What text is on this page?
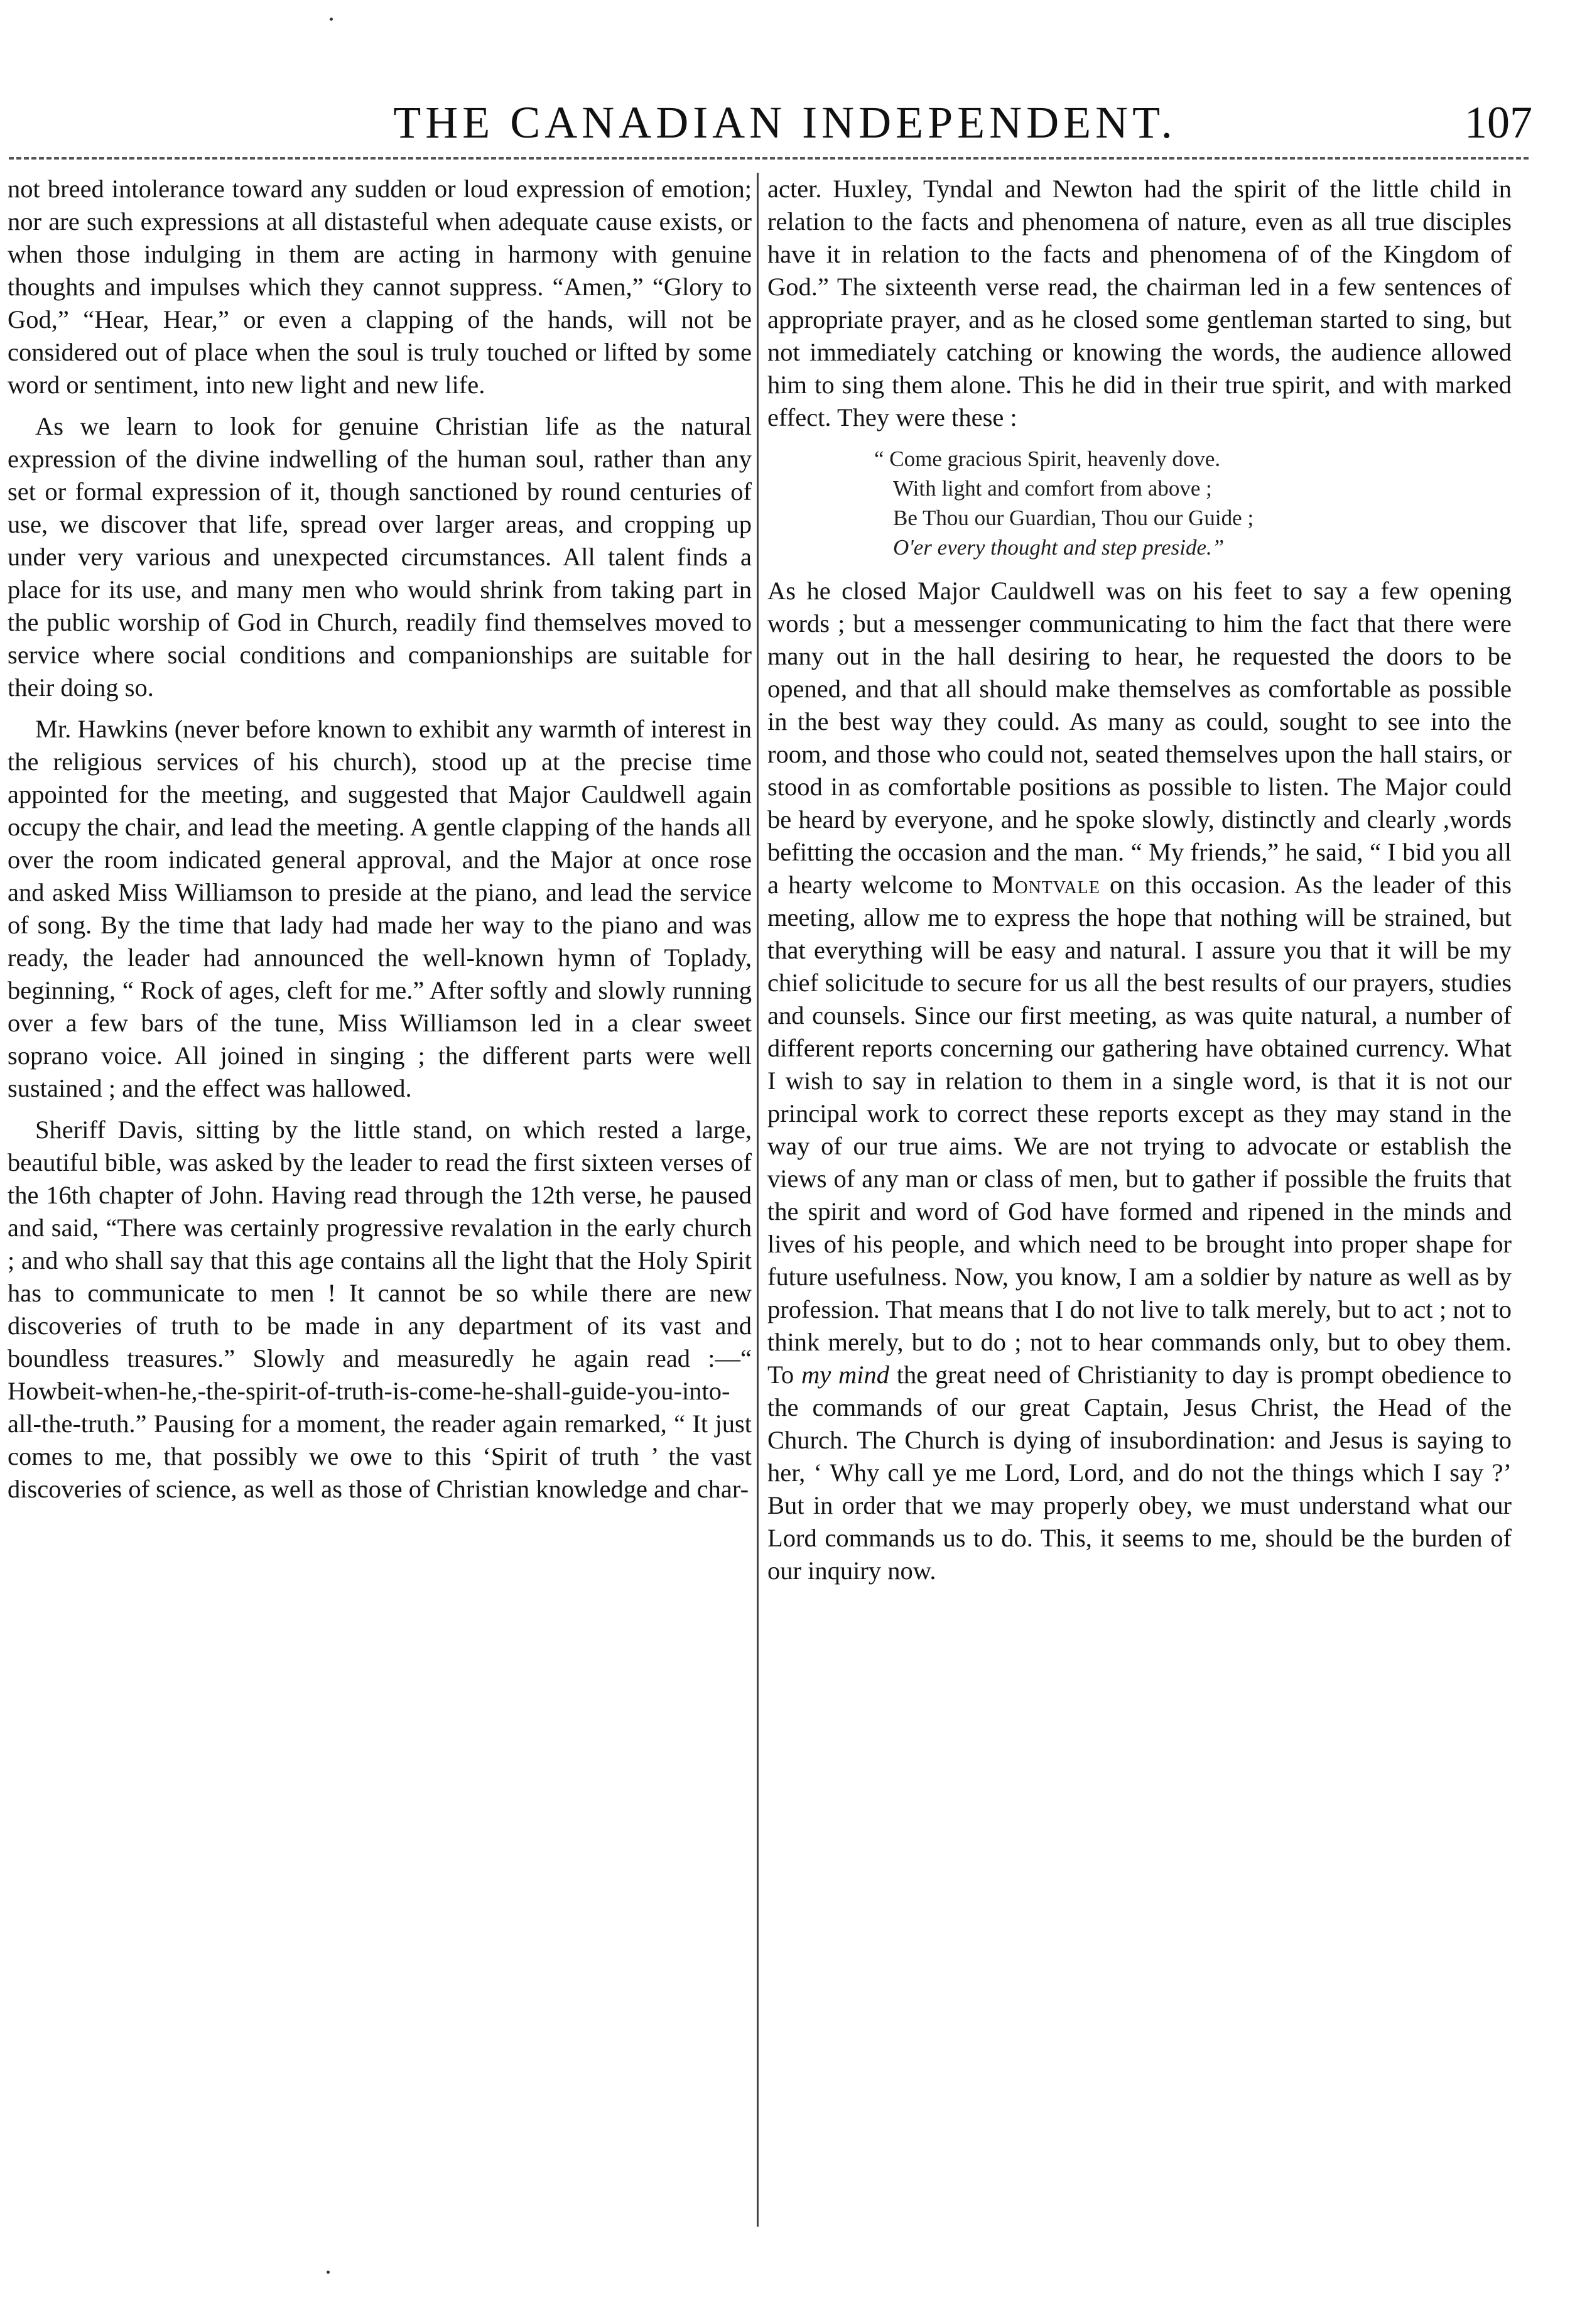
THE CANADIAN INDEPENDENT.	107

not breed intolerance toward any sudden or loud expression of emotion; nor are such expressions at all distasteful when adequate cause exists, or when those indulging in them are acting in harmony with genuine thoughts and impulses which they cannot suppress. “Amen,” “Glory to God,” “Hear, Hear,” or even a clapping of the hands, will not be considered out of place when the soul is truly touched or lifted by some word or sentiment, into new light and new life.

As we learn to look for genuine Christian life as the natural expression of the divine indwelling of the human soul, rather than any set or formal expression of it, though sanctioned by round centuries of use, we discover that life, spread over larger areas, and cropping up under very various and unexpected circumstances. All talent finds a place for its use, and many men who would shrink from taking part in the public worship of God in Church, readily find themselves moved to service where social conditions and companionships are suitable for their doing so.

Mr. Hawkins (never before known to exhibit any warmth of interest in the religious services of his church), stood up at the precise time appointed for the meeting, and suggested that Major Cauldwell again occupy the chair, and lead the meeting. A gentle clapping of the hands all over the room indicated general approval, and the Major at once rose and asked Miss Williamson to preside at the piano, and lead the service of song. By the time that lady had made her way to the piano and was ready, the leader had announced the well-known hymn of Toplady, beginning, “ Rock of ages, cleft for me.” After softly and slowly running over a few bars of the tune, Miss Williamson led in a clear sweet soprano voice. All joined in singing ; the different parts were well sustained ; and the effect was hallowed.

Sheriff Davis, sitting by the little stand, on which rested a large, beautiful bible, was asked by the leader to read the first sixteen verses of the 16th chapter of John. Having read through the 12th verse, he paused and said, “There was certainly progressive revalation in the early church ; and who shall say that this age contains all the light that the Holy Spirit has to communicate to men ! It cannot be so while there are new discoveries of truth to be made in any department of its vast and boundless treasures.” Slowly and measuredly he again read :—“ Howbeit-when-he,-the-spirit-of-truth-is-come-he-shall-guide-you-into-all-the-truth.” Pausing for a moment, the reader again remarked, “ It just comes to me, that possibly we owe to this ‘Spirit of truth ’ the vast discoveries of science, as well as those of Christian knowledge and char-

acter. Huxley, Tyndal and Newton had the spirit of the little child in relation to the facts and phenomena of nature, even as all true disciples have it in relation to the facts and phenomena of of the Kingdom of God.” The sixteenth verse read, the chairman led in a few sentences of appropriate prayer, and as he closed some gentleman started to sing, but not immediately catching or knowing the words, the audience allowed him to sing them alone. This he did in their true spirit, and with marked effect. They were these :

“ Come gracious Spirit, heavenly dove.
With light and comfort from above ;
Be Thou our Guardian, Thou our Guide ;
O'er every thought and step preside.”

As he closed Major Cauldwell was on his feet to say a few opening words ; but a messenger communicating to him the fact that there were many out in the hall desiring to hear, he requested the doors to be opened, and that all should make themselves as comfortable as possible in the best way they could. As many as could, sought to see into the room, and those who could not, seated themselves upon the hall stairs, or stood in as comfortable positions as possible to listen. The Major could be heard by everyone, and he spoke slowly, distinctly and clearly ,words befitting the occasion and the man. “ My friends,” he said, “ I bid you all a hearty welcome to Montvale on this occasion. As the leader of this meeting, allow me to express the hope that nothing will be strained, but that everything will be easy and natural. I assure you that it will be my chief solicitude to secure for us all the best results of our prayers, studies and counsels. Since our first meeting, as was quite natural, a number of different reports concerning our gathering have obtained currency. What I wish to say in relation to them in a single word, is that it is not our principal work to correct these reports except as they may stand in the way of our true aims. We are not trying to advocate or establish the views of any man or class of men, but to gather if possible the fruits that the spirit and word of God have formed and ripened in the minds and lives of his people, and which need to be brought into proper shape for future usefulness. Now, you know, I am a soldier by nature as well as by profession. That means that I do not live to talk merely, but to act ; not to think merely, but to do ; not to hear commands only, but to obey them. To my mind the great need of Christianity to day is prompt obedience to the commands of our great Captain, Jesus Christ, the Head of the Church. The Church is dying of insubordination: and Jesus is saying to her, ‘ Why call ye me Lord, Lord, and do not the things which I say ?’ But in order that we may properly obey, we must understand what our Lord commands us to do. This, it seems to me, should be the burden of our inquiry now.
